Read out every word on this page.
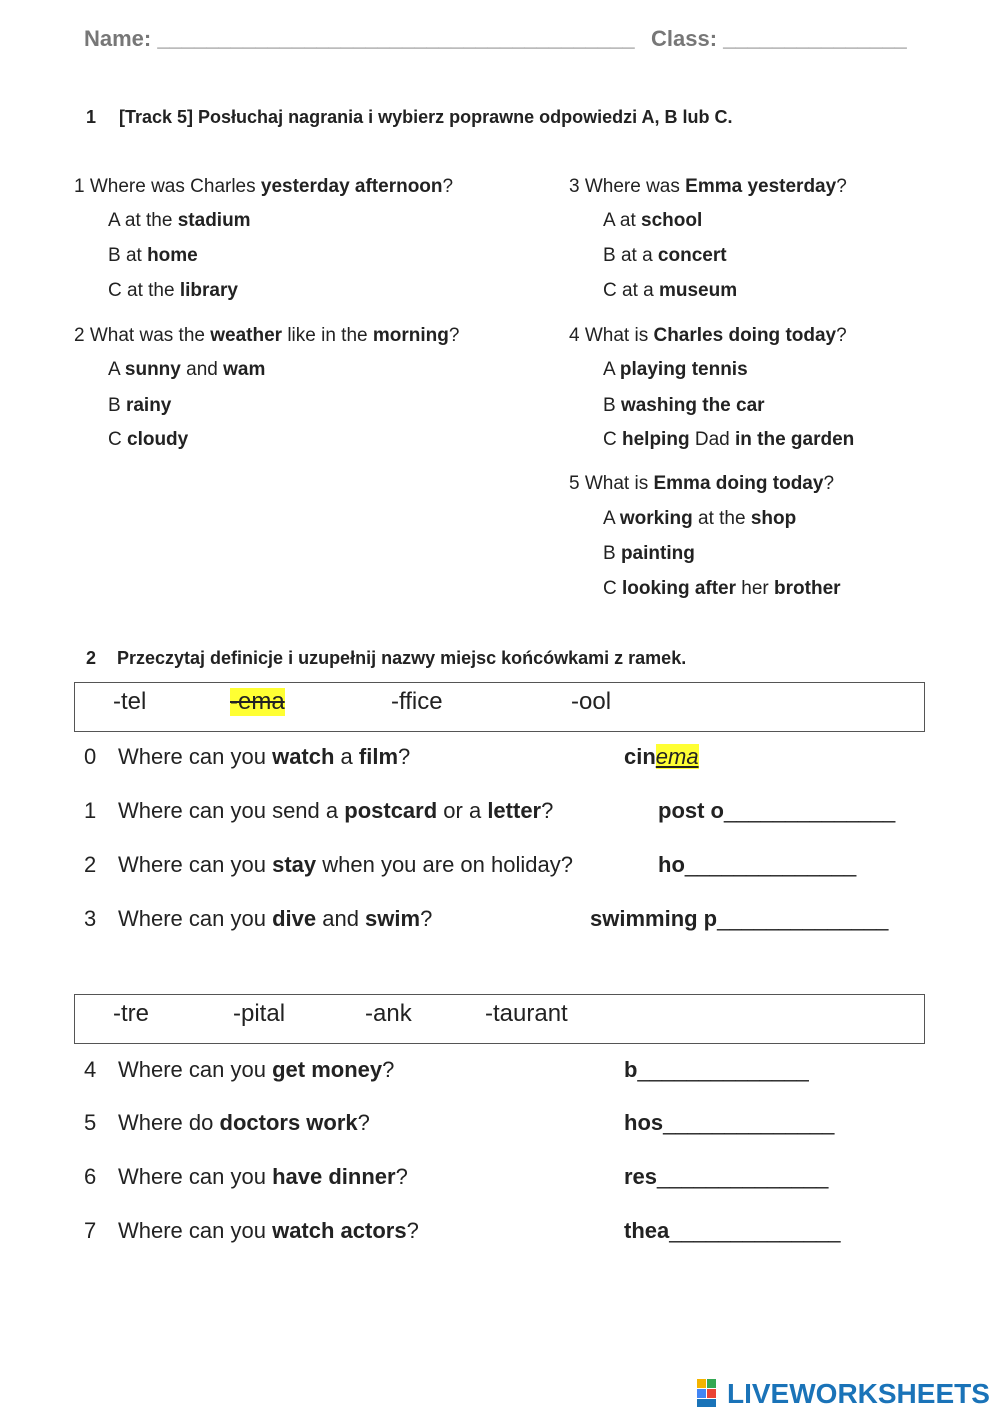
Name: _______________________________________ Class: _______________
1 [Track 5] Posłuchaj nagrania i wybierz poprawne odpowiedzi A, B lub C.
1 Where was Charles yesterday afternoon?
A at the stadium
B at home
C at the library
2 What was the weather like in the morning?
A sunny and wam
B rainy
C cloudy
3 Where was Emma yesterday?
A at school
B at a concert
C at a museum
4 What is Charles doing today?
A playing tennis
B washing the car
C helping Dad in the garden
5 What is Emma doing today?
A working at the shop
B painting
C looking after her brother
2 Przeczytaj definicje i uzupełnij nazwy miejsc końcówkami z ramek.
-tel	-ema	-ffice	-ool
0 Where can you watch a film?	cinema
1 Where can you send a postcard or a letter?	post o______________
2 Where can you stay when you are on holiday?	ho______________
3 Where can you dive and swim?	swimming p______________
-tre	-pital	-ank	-taurant
4 Where can you get money?	b______________
5 Where do doctors work?	hos______________
6 Where can you have dinner?	res______________
7 Where can you watch actors?	thea______________
LIVEWORKSHEETS
